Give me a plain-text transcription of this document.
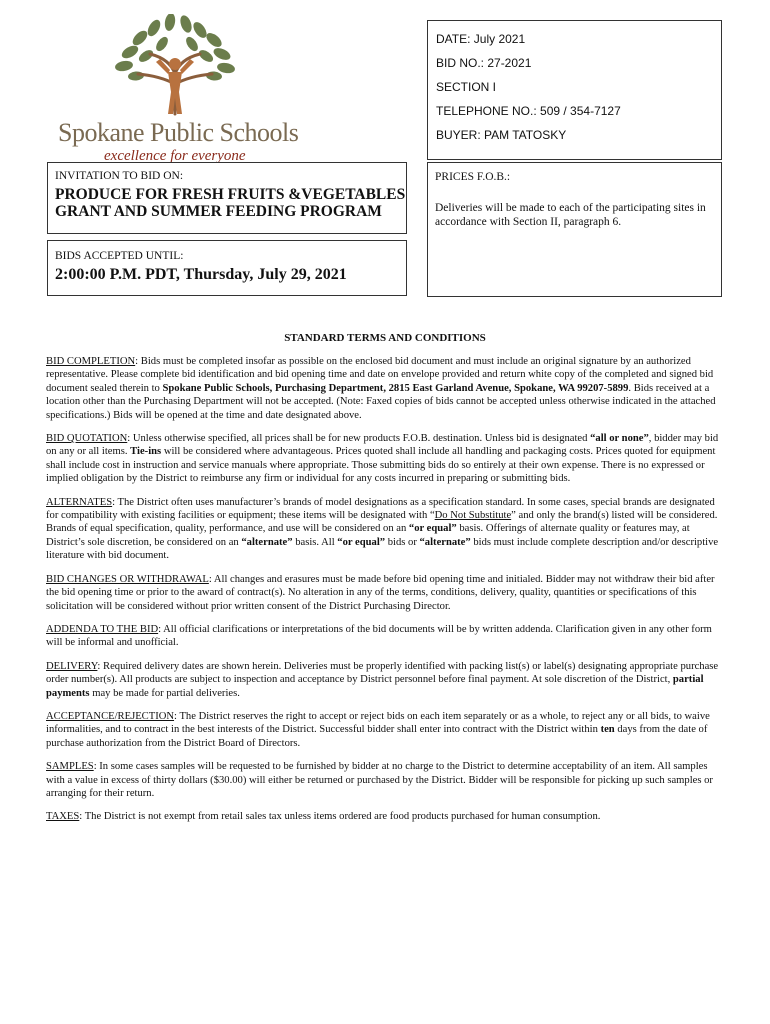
Spokane Public Schools
excellence for everyone
DATE: July 2021
BID NO.: 27-2021
SECTION I
TELEPHONE NO.: 509 / 354-7127
BUYER: PAM TATOSKY
INVITATION TO BID ON:
PRODUCE FOR FRESH FRUITS &VEGETABLES
GRANT AND SUMMER FEEDING PROGRAM
BIDS ACCEPTED UNTIL:
2:00:00 P.M. PDT, Thursday, July 29, 2021
PRICES F.O.B.:
Deliveries will be made to each of the participating sites in accordance with Section II, paragraph 6.
STANDARD TERMS AND CONDITIONS

BID COMPLETION: Bids must be completed insofar as possible on the enclosed bid document and must include an original signature by an authorized representative. Please complete bid identification and bid opening time and date on envelope provided and return white copy of the completed and signed bid document sealed therein to Spokane Public Schools, Purchasing Department, 2815 East Garland Avenue, Spokane, WA 99207-5899. Bids received at a location other than the Purchasing Department will not be accepted. (Note: Faxed copies of bids cannot be accepted unless otherwise indicated in the attached specifications.) Bids will be opened at the time and date designated above.

BID QUOTATION: Unless otherwise specified, all prices shall be for new products F.O.B. destination. Unless bid is designated “all or none”, bidder may bid on any or all items. Tie-ins will be considered where advantageous. Prices quoted shall include all handling and packaging costs. Prices quoted for equipment shall include cost in instruction and service manuals where appropriate. Those submitting bids do so entirely at their own expense. There is no expressed or implied obligation by the District to reimburse any firm or individual for any costs incurred in preparing or submitting bids.

ALTERNATES: The District often uses manufacturer’s brands of model designations as a specification standard. In some cases, special brands are designated for compatibility with existing facilities or equipment; these items will be designated with “Do Not Substitute” and only the brand(s) listed will be considered. Brands of equal specification, quality, performance, and use will be considered on an “or equal” basis. Offerings of alternate quality or features may, at District’s sole discretion, be considered on an “alternate” basis. All “or equal” bids or “alternate” bids must include complete description and/or descriptive literature with bid document.

BID CHANGES OR WITHDRAWAL: All changes and erasures must be made before bid opening time and initialed. Bidder may not withdraw their bid after the bid opening time or prior to the award of contract(s). No alteration in any of the terms, conditions, delivery, quality, quantities or specifications of this solicitation will be considered without prior written consent of the District Purchasing Director.

ADDENDA TO THE BID: All official clarifications or interpretations of the bid documents will be by written addenda. Clarification given in any other form will be informal and unofficial.

DELIVERY: Required delivery dates are shown herein. Deliveries must be properly identified with packing list(s) or label(s) designating appropriate purchase order number(s). All products are subject to inspection and acceptance by District personnel before final payment. At sole discretion of the District, partial payments may be made for partial deliveries.

ACCEPTANCE/REJECTION: The District reserves the right to accept or reject bids on each item separately or as a whole, to reject any or all bids, to waive informalities, and to contract in the best interests of the District. Successful bidder shall enter into contract with the District within ten days from the date of purchase authorization from the District Board of Directors.

SAMPLES: In some cases samples will be requested to be furnished by bidder at no charge to the District to determine acceptability of an item. All samples with a value in excess of thirty dollars ($30.00) will either be returned or purchased by the District. Bidder will be responsible for picking up such samples or arranging for their return.

TAXES: The District is not exempt from retail sales tax unless items ordered are food products purchased for human consumption.
